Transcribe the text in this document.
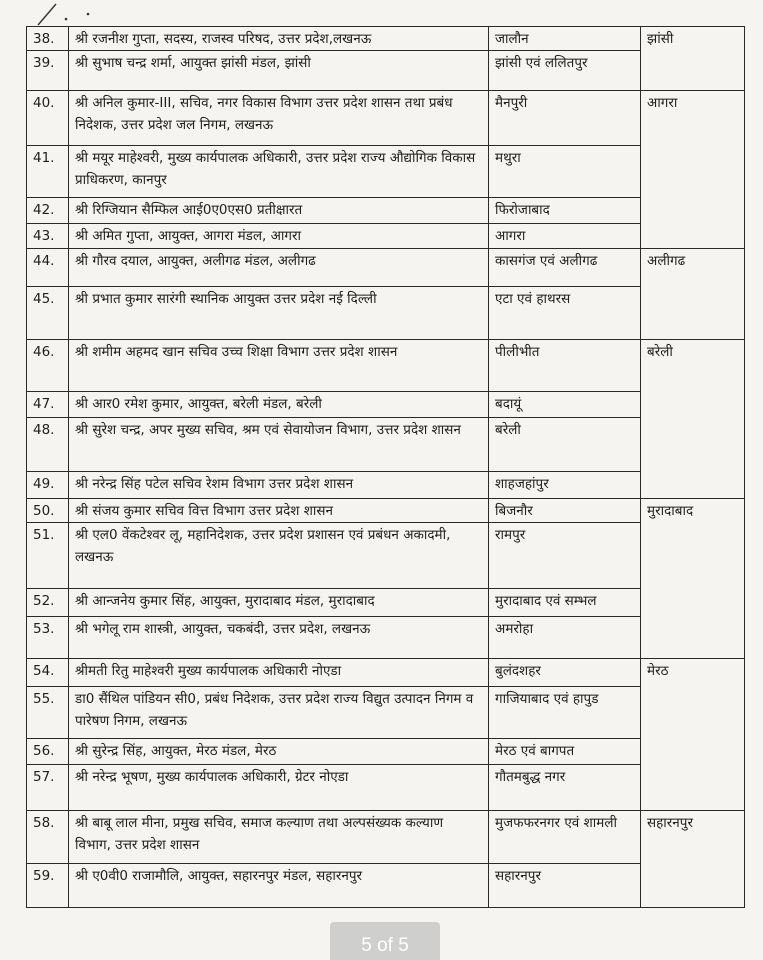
38.	श्री रजनीश गुप्ता, सदस्य, राजस्व परिषद, उत्तर प्रदेश,लखनऊ	जालौन	झांसी
39.	श्री सुभाष चन्द्र शर्मा, आयुक्त झांसी मंडल, झांसी	झांसी एवं ललितपुर	
40.	श्री अनिल कुमार-III, सचिव, नगर विकास विभाग उत्तर प्रदेश शासन तथा प्रबंध निदेशक, उत्तर प्रदेश जल निगम, लखनऊ	मैनपुरी	आगरा
41.	श्री मयूर माहेश्वरी, मुख्य कार्यपालक अधिकारी, उत्तर प्रदेश राज्य औद्योगिक विकास प्राधिकरण, कानपुर	मथुरा	
42.	श्री रिग्जियान सैम्फिल आई0ए0एस0 प्रतीक्षारत	फिरोजाबाद	
43.	श्री अमित गुप्ता, आयुक्त, आगरा मंडल, आगरा	आगरा	
44.	श्री गौरव दयाल, आयुक्त, अलीगढ मंडल, अलीगढ	कासगंज एवं अलीगढ	अलीगढ
45.	श्री प्रभात कुमार सारंगी स्थानिक आयुक्त उत्तर प्रदेश नई दिल्ली	एटा एवं हाथरस	
46.	श्री शमीम अहमद खान सचिव उच्च शिक्षा विभाग उत्तर प्रदेश शासन	पीलीभीत	बरेली
47.	श्री आर0 रमेश कुमार, आयुक्त, बरेली मंडल, बरेली	बदायूं	
48.	श्री सुरेश चन्द्र, अपर मुख्य सचिव, श्रम एवं सेवायोजन विभाग, उत्तर प्रदेश शासन	बरेली	
49.	श्री नरेन्द्र सिंह पटेल सचिव रेशम विभाग उत्तर प्रदेश शासन	शाहजहांपुर	
50.	श्री संजय कुमार सचिव वित्त विभाग उत्तर प्रदेश शासन	बिजनौर	मुरादाबाद
51.	श्री एल0 वेंकटेश्वर लू, महानिदेशक, उत्तर प्रदेश प्रशासन एवं प्रबंधन अकादमी, लखनऊ	रामपुर	
52.	श्री आन्जनेय कुमार सिंह, आयुक्त, मुरादाबाद मंडल, मुरादाबाद	मुरादाबाद एवं सम्भल	
53.	श्री भगेलू राम शास्त्री, आयुक्त, चकबंदी, उत्तर प्रदेश, लखनऊ	अमरोहा	
54.	श्रीमती रितु माहेश्वरी मुख्य कार्यपालक अधिकारी नोएडा	बुलंदशहर	मेरठ
55.	डा0 सैंथिल पांडियन सी0, प्रबंध निदेशक, उत्तर प्रदेश राज्य विद्युत उत्पादन निगम व पारेषण निगम, लखनऊ	गाजियाबाद एवं हापुड	
56.	श्री सुरेन्द्र सिंह, आयुक्त, मेरठ मंडल, मेरठ	मेरठ एवं बागपत	
57.	श्री नरेन्द्र भूषण, मुख्य कार्यपालक अधिकारी, ग्रेटर नोएडा	गौतमबुद्ध नगर	
58.	श्री बाबू लाल मीना, प्रमुख सचिव, समाज कल्याण तथा अल्पसंख्यक कल्याण विभाग, उत्तर प्रदेश शासन	मुजफफरनगर एवं शामली	सहारनपुर
59.	श्री ए0वी0 राजामौलि, आयुक्त, सहारनपुर मंडल, सहारनपुर	सहारनपुर	
5 of 5
